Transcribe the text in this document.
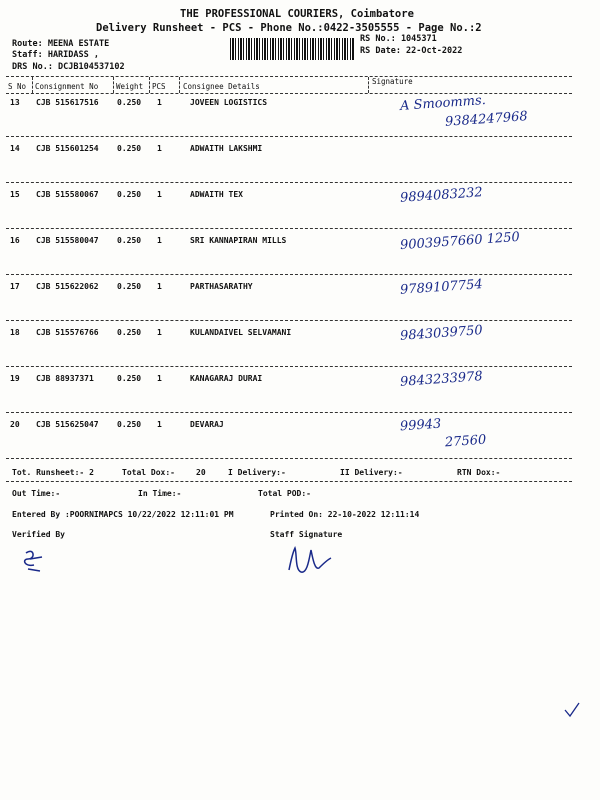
THE PROFESSIONAL COURIERS, Coimbatore
Delivery Runsheet - PCS - Phone No.:0422-3505555 - Page No.:2
Route: MEENA ESTATE
Staff: HARIDASS ,
DRS No.: DCJB104537102
RS No.: 1045371
RS Date: 22-Oct-2022
S No Consignment No Weight PCS Consignee Details
Signature
13 CJB 515617516 0.250 1	JOVEEN LOGISTICS	A Smoomms.
9384247968
14 CJB 515601254 0.250 1	ADWAITH LAKSHMI
15 CJB 515580067 0.250 1	ADWAITH TEX	9894083232
16 CJB 515580047 0.250 1	SRI KANNAPIRAN MILLS	9003957660 1250
17 CJB 515622062 0.250 1	PARTHASARATHY	9789107754
18 CJB 515576766 0.250 1	KULANDAIVEL SELVAMANI	9843039750
19 CJB 88937371	0.250 1	KANAGARAJ DURAI	9843233978
20 CJB 515625047 0.250 1	DEVARAJ	99943
27560
Tot. Runsheet:- 2	Total Dox:-	20	I Delivery:-	II Delivery:-	RTN Dox:-
Out Time:-	In Time:-	Total POD:-
Entered By :POORNIMAPCS 10/22/2022 12:11:01 PM	Printed On: 22-10-2022 12:11:14
Verified By	Staff Signature
